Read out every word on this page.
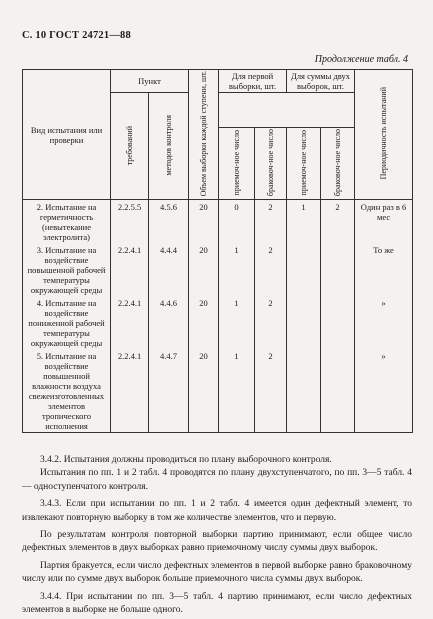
С. 10 ГОСТ 24721—88
Продолжение табл. 4
Вид испытания или проверки	Пункт		Объем выборки каждой ступени, шт.	Для первой выборки, шт.		Для суммы двух выборок, шт.		Периодичность испытаний
	требований	методов контроля						
				приемоч-ное число	браковоч-ное число	приемоч-ное число	браковоч-ное число	
2. Испытание на герметичность (невытекание электролита)	2.2.5.5	4.5.6	20	0	2	1	2	Один раз в 6 мес
3. Испытание на воздействие повышенной рабочей температуры окружающей среды	2.2.4.1	4.4.4	20	1	2			То же
4. Испытание на воздействие пониженной рабочей температуры окружающей среды	2.2.4.1	4.4.6	20	1	2			»
5. Испытание на воздействие повышенной влажности воздуха свежеизготовленных элементов тропического исполнения	2.2.4.1	4.4.7	20	1	2			»

3.4.2. Испытания должны проводиться по плану выборочного контроля.

Испытания по пп. 1 и 2 табл. 4 проводятся по плану двухступенчатого, по пп. 3—5 табл. 4 — одноступенчатого контроля.

3.4.3. Если при испытании по пп. 1 и 2 табл. 4 имеется один дефектный элемент, то извлекают повторную выборку в том же количестве элементов, что и первую.

По результатам контроля повторной выборки партию принимают, если общее число дефектных элементов в двух выборках равно приемочному числу суммы двух выборок.

Партия бракуется, если число дефектных элементов в первой выборке равно браковочному числу или по сумме двух выборок больше приемочного числа суммы двух выборок.

3.4.4. При испытании по пп. 3—5 табл. 4 партию принимают, если число дефектных элементов в выборке не больше одного.
